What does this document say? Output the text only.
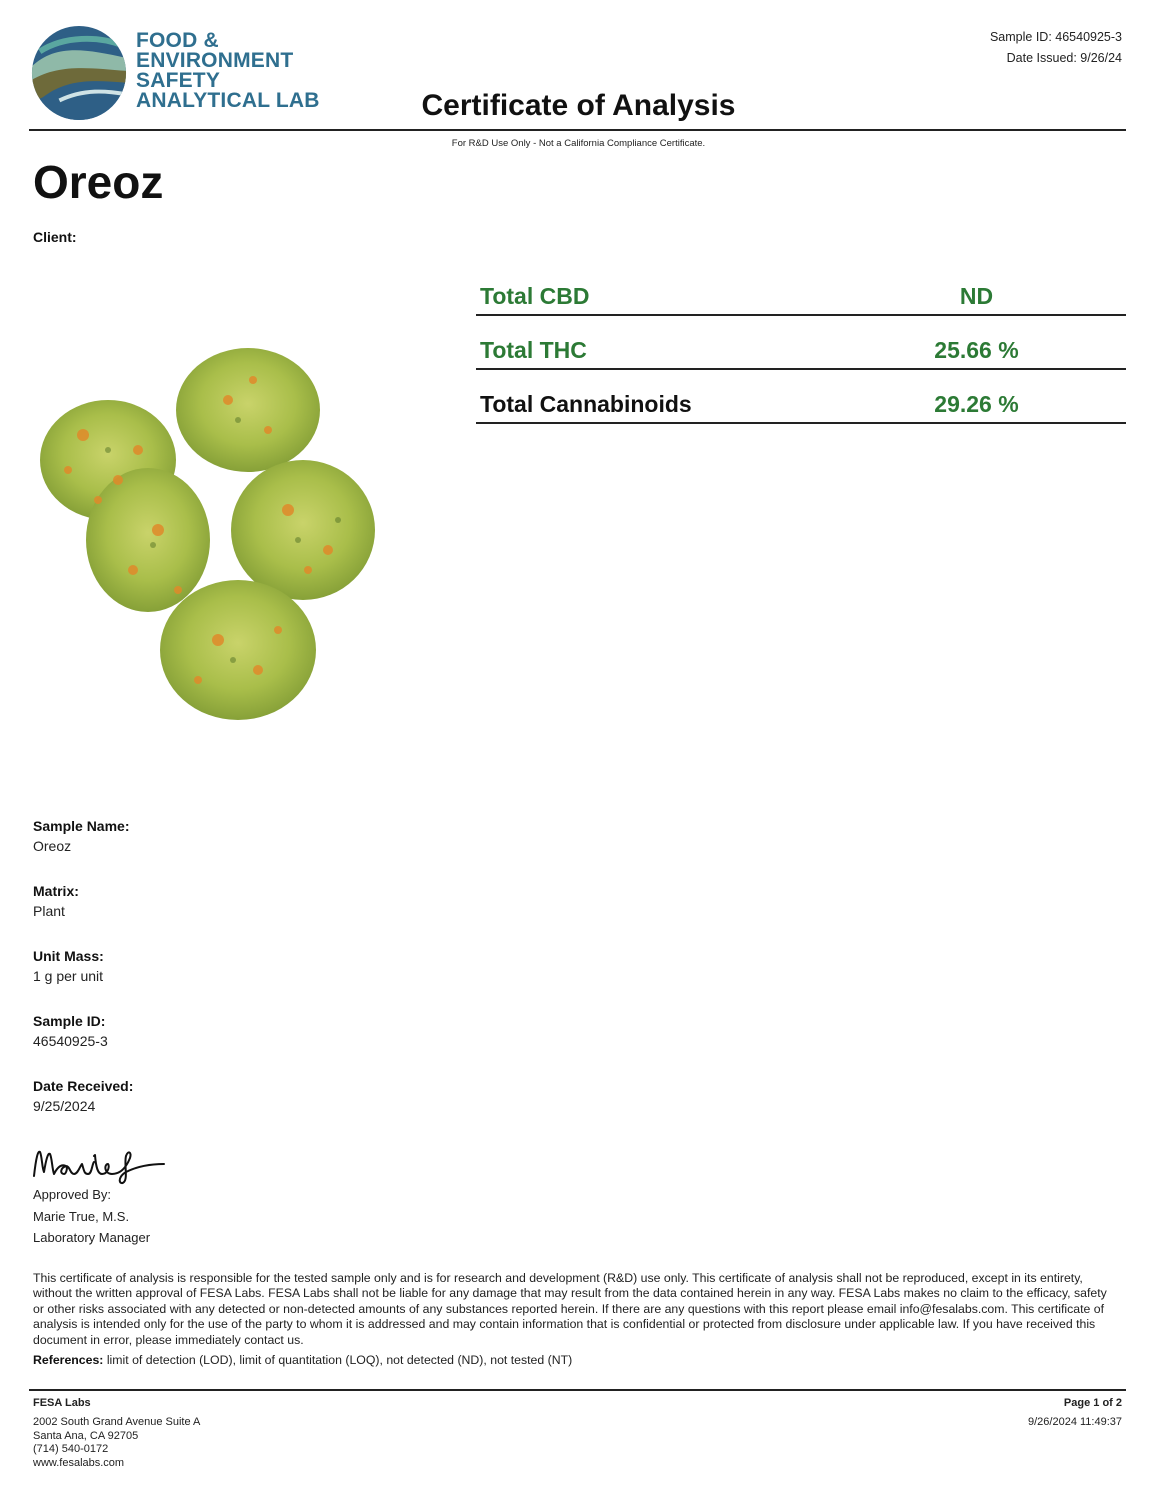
FOOD &
ENVIRONMENT
SAFETY
ANALYTICAL LAB
Sample ID: 46540925-3
Date Issued: 9/26/24
Certificate of Analysis
For R&D Use Only - Not a California Compliance Certificate.
Oreoz
Client:
Total CBD	ND
Total THC	25.66 %
Total Cannabinoids	29.26 %
Sample Name:
Oreoz
Matrix:
Plant
Unit Mass:
1 g per unit
Sample ID:
46540925-3
Date Received:
9/25/2024
Approved By:
Marie True, M.S.
Laboratory Manager
This certificate of analysis is responsible for the tested sample only and is for research and development (R&D) use only. This certificate of analysis shall not be reproduced, except in its entirety, without the written approval of FESA Labs. FESA Labs shall not be liable for any damage that may result from the data contained herein in any way. FESA Labs makes no claim to the efficacy, safety or other risks associated with any detected or non-detected amounts of any substances reported herein. If there are any questions with this report please email info@fesalabs.com. This certificate of analysis is intended only for the use of the party to whom it is addressed and may contain information that is confidential or protected from disclosure under applicable law. If you have received this document in error, please immediately contact us.
References: limit of detection (LOD), limit of quantitation (LOQ), not detected (ND), not tested (NT)
FESA Labs
2002 South Grand Avenue Suite A
Santa Ana, CA 92705
(714) 540-0172
www.fesalabs.com
Page 1 of 2
9/26/2024 11:49:37
